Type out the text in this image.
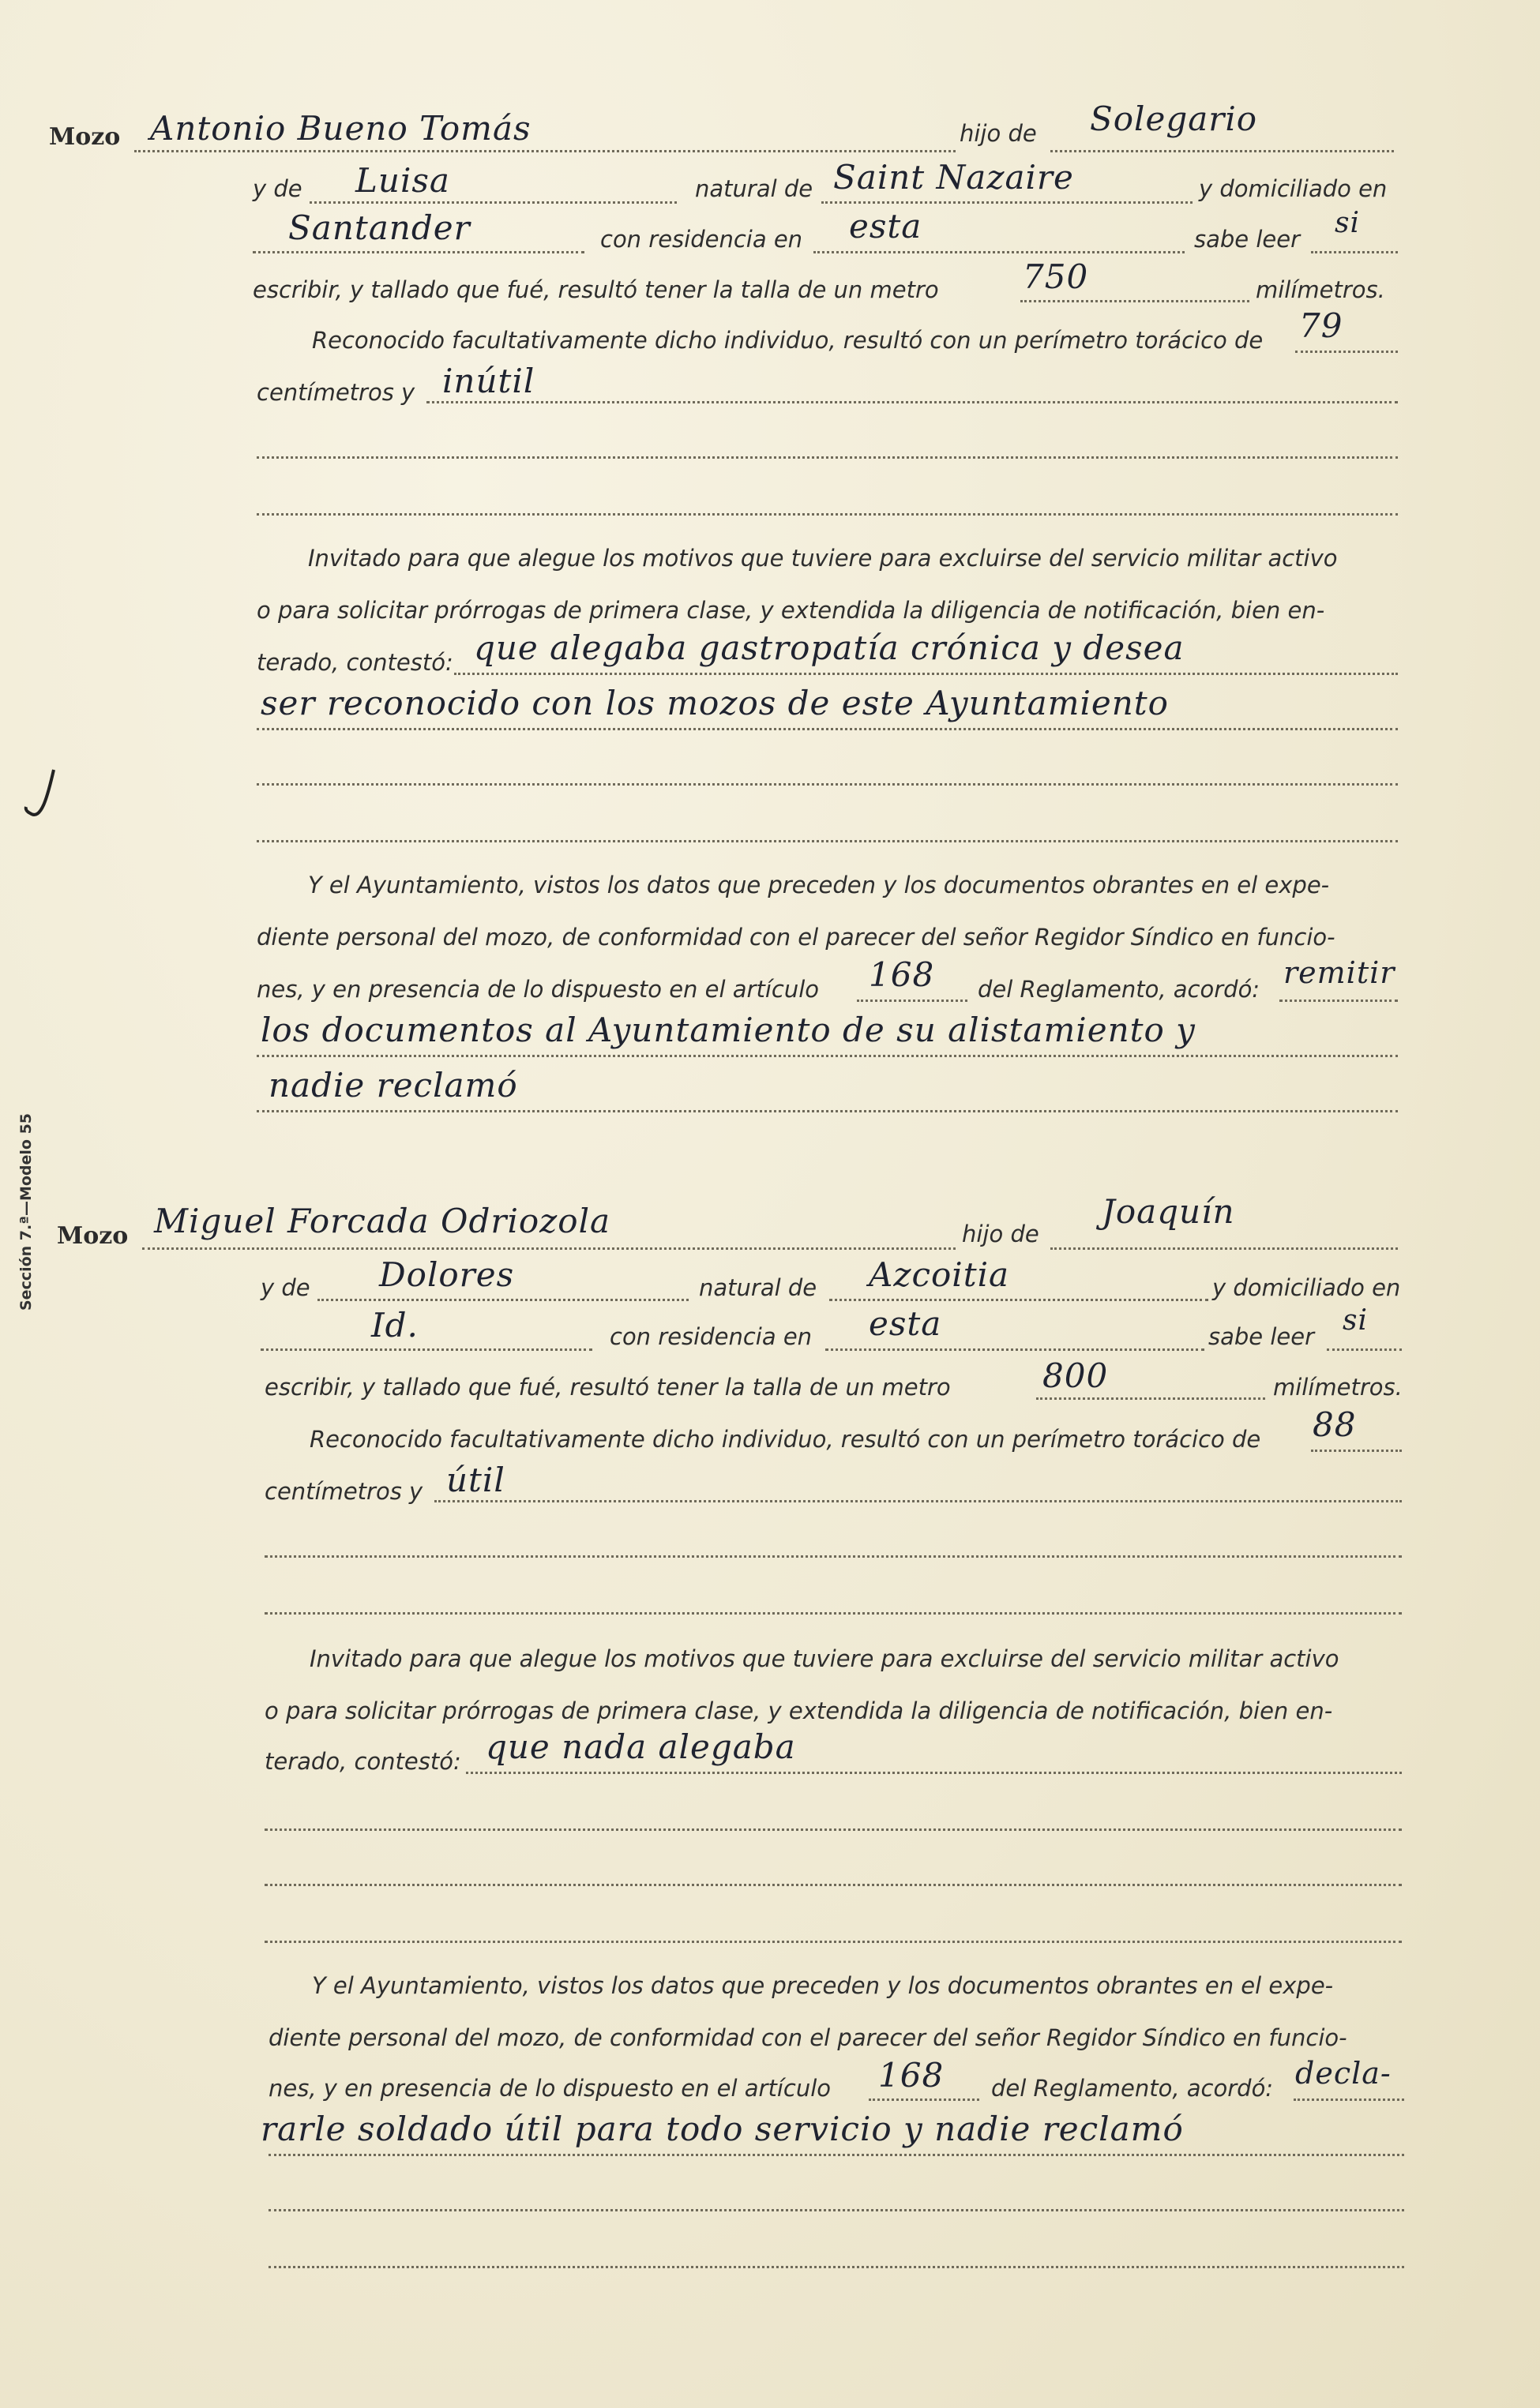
Sección 7.ª—Modelo 55
Mozo Antonio Bueno Tomás	hijo de Solegario
y de Luisa	natural de Saint Nazaire	y domiciliado en
Santander	con residencia en esta	sabe leer si
escribir, y tallado que fué, resultó tener la talla de un metro	750	milímetros.
Reconocido facultativamente dicho individuo, resultó con un perímetro torácico de 79
centímetros y inútil
Invitado para que alegue los motivos que tuviere para excluirse del servicio militar activo
o para solicitar prórrogas de primera clase, y extendida la diligencia de notificación, bien en-
terado, contestó: que alegaba gastropatía crónica y desea
ser reconocido con los mozos de este Ayuntamiento
Y el Ayuntamiento, vistos los datos que preceden y los documentos obrantes en el expe-
diente personal del mozo, de conformidad con el parecer del señor Regidor Síndico en funcio-
nes, y en presencia de lo dispuesto en el artículo 168 del Reglamento, acordó: remitir
los documentos al Ayuntamiento de su alistamiento y
nadie reclamó
Mozo Miguel Forcada Odriozola	hijo de
Joaquín
y de Dolores	natural de Azcoitia	y domiciliado en
Id.	con residencia en esta	sabe leer si
escribir, y tallado que fué, resultó tener la talla de un metro	800	milímetros.
Reconocido facultativamente dicho individuo, resultó con un perímetro torácico de 88
centímetros y útil
Invitado para que alegue los motivos que tuviere para excluirse del servicio militar activo
o para solicitar prórrogas de primera clase, y extendida la diligencia de notificación, bien en-
terado, contestó: que nada alegaba
Y el Ayuntamiento, vistos los datos que preceden y los documentos obrantes en el expe-
diente personal del mozo, de conformidad con el parecer del señor Regidor Síndico en funcio-
nes, y en presencia de lo dispuesto en el artículo 168 del Reglamento, acordó: decla-
rarle soldado útil para todo servicio y nadie reclamó
